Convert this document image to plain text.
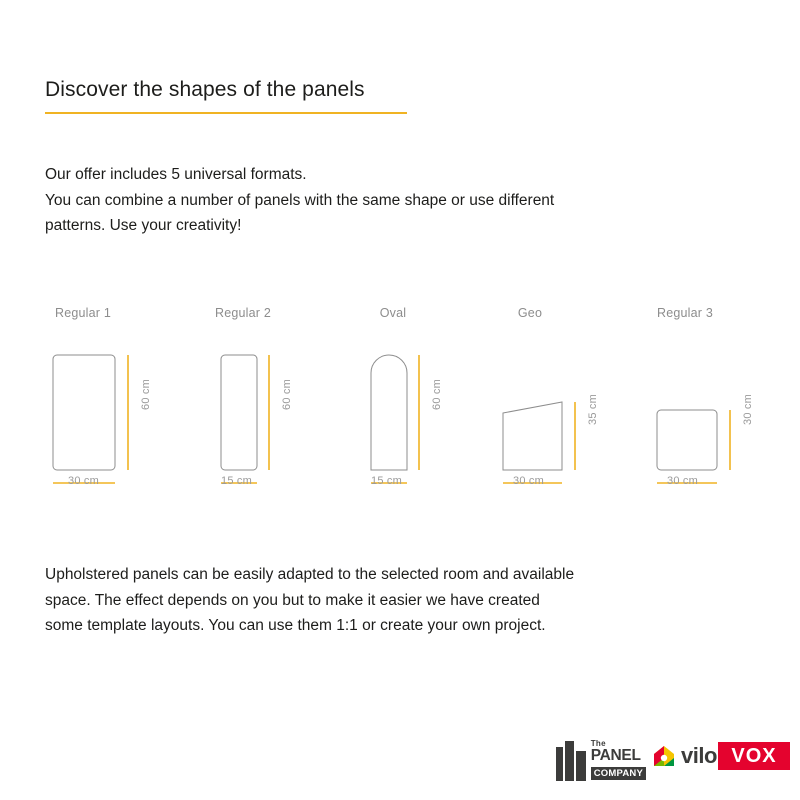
Discover the shapes of the panels
Our offer includes 5 universal formats.
You can combine a number of panels with the same shape or use different
patterns. Use your creativity!
Regular 1
30 cm
60 cm
Regular 2
15 cm
60 cm
Oval
15 cm
60 cm
Geo
30 cm
35 cm
Regular 3
30 cm
30 cm
Upholstered panels can be easily adapted to the selected room and available
space. The effect depends on you but to make it easier we have created
some template layouts. You can use them 1:1 or create your own project.
The
PANEL
COMPANY
vilo VOX
